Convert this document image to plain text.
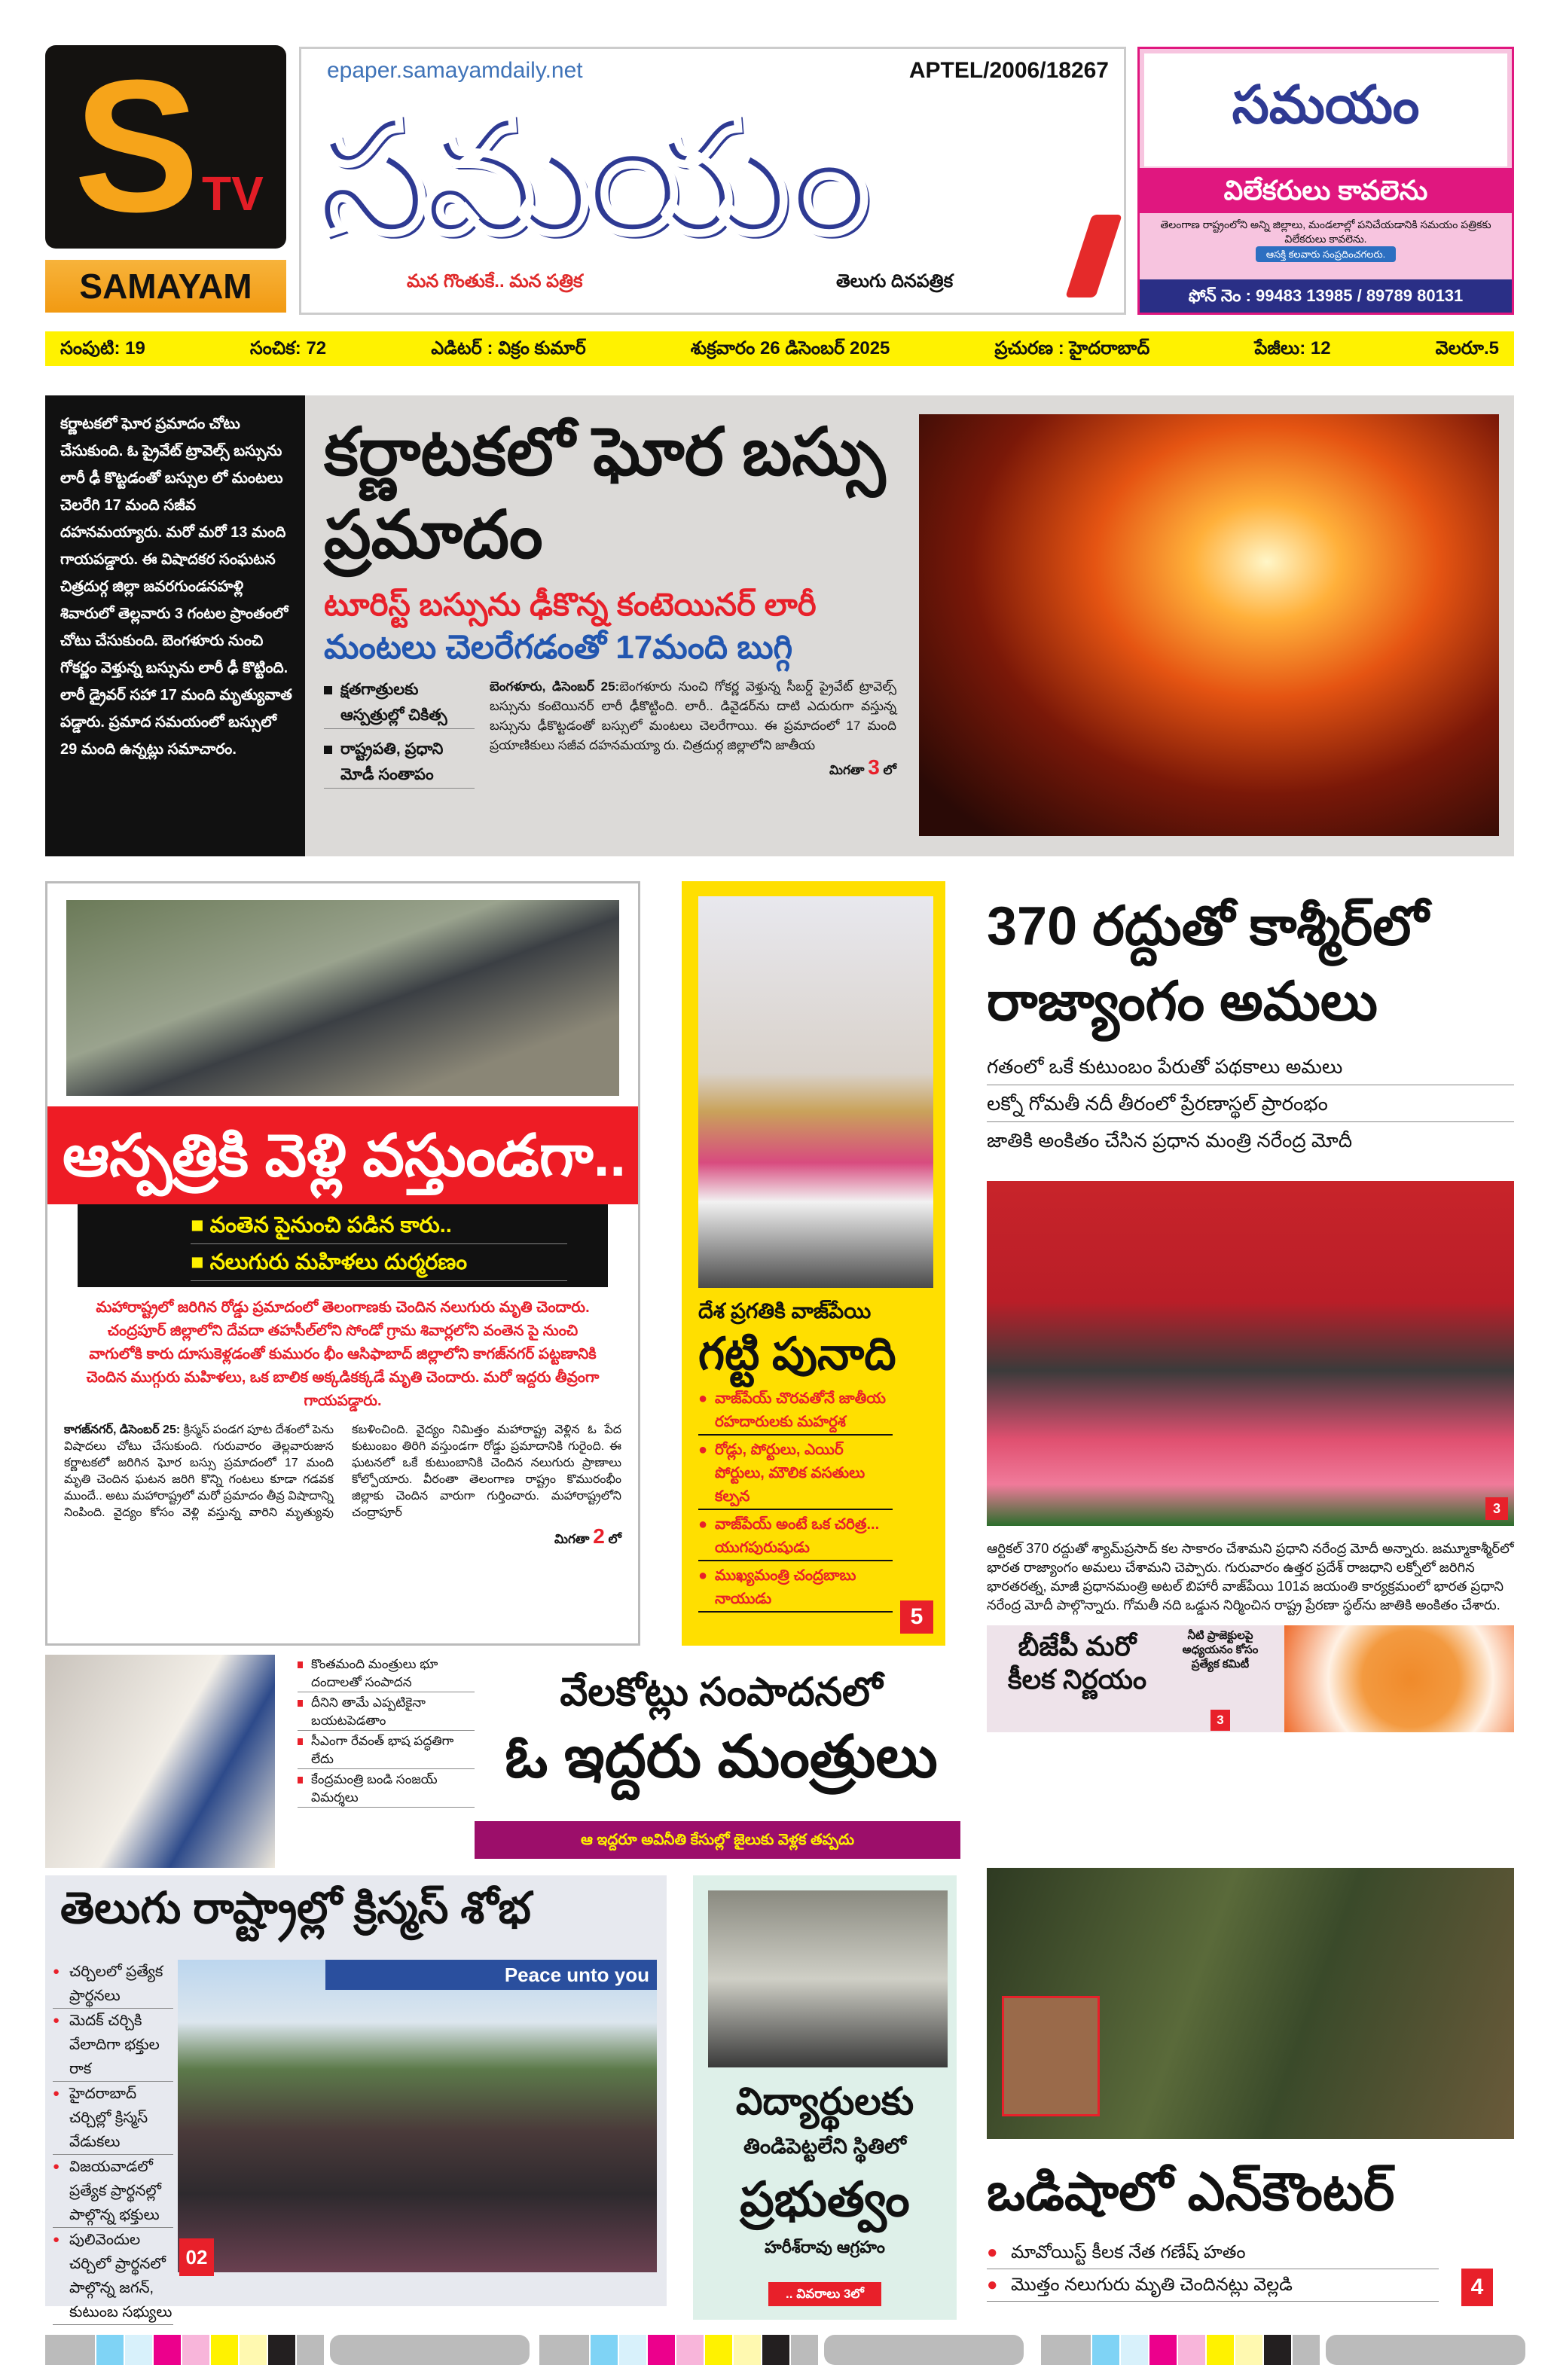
S TV
SAMAYAM
epaper.samayamdaily.net	APTEL/2006/18267
సమయం
మన గొంతుకే.. మన పత్రిక	తెలుగు దినపత్రిక
సమయం
విలేకరులు కావలెను
తెలంగాణ రాష్ట్రంలోని అన్ని జిల్లాలు, మండలాల్లో పనిచేయడానికి సమయం పత్రికకు విలేకరులు కావలెను.
ఆసక్తి కలవారు సంప్రదించగలరు.
ఫోన్ నెం : 99483 13985 / 89789 80131
సంపుటి: 19	సంచిక: 72	ఎడిటర్ : విక్రం కుమార్	శుక్రవారం 26 డిసెంబర్ 2025	ప్రచురణ : హైదరాబాద్	పేజీలు: 12	వెలరూ.5
కర్ణాటకలో ఘోర ప్రమాదం చోటు చేసుకుంది. ఓ ప్రైవేట్ ట్రావెల్స్ బస్సును లారీ ఢీ కొట్టడంతో బస్సుల లో మంటలు చెలరేగి 17 మంది సజీవ దహనమయ్యారు. మరో మరో 13 మంది గాయపడ్డారు. ఈ విషాదకర సంఘటన చిత్రదుర్గ జిల్లా జవరగుండనహళ్లి శివారులో తెల్లవారు 3 గంటల ప్రాంతంలో చోటు చేసుకుంది. బెంగళూరు నుంచి గోకర్ణం వెళ్తున్న బస్సును లారీ ఢీ కొట్టింది. లారీ డ్రైవర్ సహా 17 మంది మృత్యువాత పడ్డారు. ప్రమాద సమయంలో బస్సులో 29 మంది ఉన్నట్లు సమాచారం.
కర్ణాటకలో ఘోర బస్సు ప్రమాదం
టూరిస్ట్ బస్సును ఢీకొన్న కంటెయినర్ లారీ
మంటలు చెలరేగడంతో 17మంది బుగ్గి
క్షతగాత్రులకు ఆస్పత్రుల్లో చికిత్స
రాష్ట్రపతి, ప్రధాని మోడీ సంతాపం
బెంగళూరు, డిసెంబర్ 25:బెంగళూరు నుంచి గోకర్ణ వెళ్తున్న సీబర్డ్ ప్రైవేట్ ట్రావెల్స్ బస్సును కంటెయినర్ లారీ ఢీకొట్టింది. లారీ.. డివైడర్‌ను దాటి ఎదురుగా వస్తున్న బస్సును ఢీకొట్టడంతో బస్సులో మంటలు చెలరేగాయి. ఈ ప్రమాదంలో 17 మంది ప్రయాణికులు సజీవ దహనమయ్యా రు. చిత్రదుర్గ జిల్లాలోని జాతీయ
మిగతా 3 లో
ఆస్పత్రికి వెళ్లి వస్తుండగా..
■ వంతెన పైనుంచి పడిన కారు..
■ నలుగురు మహిళలు దుర్మరణం
మహారాష్ట్రలో జరిగిన రోడ్డు ప్రమాదంలో తెలంగాణకు చెందిన నలుగురు మృతి చెందారు. చంద్రపూర్ జిల్లాలోని దేవదా తహసీల్‌లోని సోండో గ్రామ శివార్లలోని వంతెన పై నుంచి వాగులోకి కారు దూసుకెళ్లడంతో కుమురం భీం ఆసిఫాబాద్ జిల్లాలోని కాగజ్‌నగర్ పట్టణానికి చెందిన ముగ్గురు మహిళలు, ఒక బాలిక అక్కడికక్కడే మృతి చెందారు. మరో ఇద్దరు తీవ్రంగా గాయపడ్డారు.
కాగజ్‌నగర్, డిసెంబర్ 25: క్రిస్మస్ పండగ పూట దేశంలో పెను విషాదలు చోటు చేసుకుంది. గురువారం తెల్లవారుజున కర్ణాటకలో జరిగిన ఘోర బస్సు ప్రమాదంలో 17 మంది మృతి చెందిన ఘటన జరిగి కొన్ని గంటలు కూడా గడవక ముందే.. అటు మహారాష్ట్రలో మరో ప్రమాదం తీవ్ర విషాదాన్ని నింపింది. వైద్యం కోసం వెళ్లి వస్తున్న వారిని మృత్యువు కబళించింది. వైద్యం నిమిత్తం మహారాష్ట్ర వెళ్లిన ఓ పేద కుటుంబం తిరిగి వస్తుండగా రోడ్డు ప్రమాదానికి గురైంది. ఈ ఘటనలో ఒకే కుటుంబానికి చెందిన నలుగురు ప్రాణాలు కోల్పోయారు. వీరంతా తెలంగాణ రాష్ట్రం కొమురంభీం జిల్లాకు చెందిన వారుగా గుర్తించారు. మహారాష్ట్రలోని చంద్రాపూర్
మిగతా 2 లో
దేశ ప్రగతికి వాజ్‌పేయి
గట్టి పునాది
● వాజ్‌పేయ్ చొరవతోనే జాతీయ రహదారులకు మహర్దశ
● రోడ్లు, పోర్టులు, ఎయిర్ పోర్టులు, మౌలిక వసతులు కల్పన
● వాజ్‌పేయ్ అంటే ఒక చరిత్ర... యుగపురుషుడు
● ముఖ్యమంత్రి చంద్రబాబు నాయుడు
5
370 రద్దుతో కాశ్మీర్‌లో రాజ్యాంగం అమలు
గతంలో ఒకే కుటుంబం పేరుతో పథకాలు అమలు
లక్నో గోమతీ నదీ తీరంలో ప్రేరణాస్థల్ ప్రారంభం
జాతికి అంకితం చేసిన ప్రధాన మంత్రి నరేంద్ర మోదీ
3
ఆర్టికల్ 370 రద్దుతో శ్యామ్‌ప్రసాద్ కల సాకారం చేశామని ప్రధాని నరేంద్ర మోదీ అన్నారు. జమ్మూకాశ్మీర్‌లో భారత రాజ్యాంగం అమలు చేశామని చెప్పారు. గురువారం ఉత్తర ప్రదేశ్ రాజధాని లక్నోలో జరిగిన భారతరత్న, మాజీ ప్రధానమంత్రి అటల్ బిహారీ వాజ్‌పేయి 101వ జయంతి కార్యక్రమంలో భారత ప్రధాని నరేంద్ర మోదీ పాల్గొన్నారు. గోమతీ నది ఒడ్డున నిర్మించిన రాష్ట్ర ప్రేరణా స్థల్‌ను జాతికి అంకితం చేశారు.
బీజేపీ మరో కీలక నిర్ణయం
నీటి ప్రాజెక్టులపై అధ్యయనం కోసం ప్రత్యేక కమిటీ
3
కొంతమంది మంత్రులు భూ దందాలతో సంపాదన
దీనిని తామే ఎప్పటికైనా బయటపెడతాం
సీఎంగా రేవంత్ భాష పద్ధతిగా లేదు
కేంద్రమంత్రి బండి సంజయ్ విమర్శలు
వేలకోట్లు సంపాదనలో
ఓ ఇద్దరు మంత్రులు
ఆ ఇద్దరూ అవినీతి కేసుల్లో జైలుకు వెళ్లక తప్పదు
తెలుగు రాష్ట్రాల్లో క్రిస్మస్ శోభ
● చర్చిలలో ప్రత్యేక ప్రార్థనలు
● మెదక్ చర్చికి వేలాదిగా భక్తుల రాక
● హైదరాబాద్ చర్చిల్లో క్రిస్మస్ వేడుకలు
● విజయవాడలో ప్రత్యేక ప్రార్థనల్లో పాల్గొన్న భక్తులు
● పులివెందుల చర్చిలో ప్రార్థనలో పాల్గొన్న జగన్, కుటుంబ సభ్యులు
Peace unto you
02
విద్యార్థులకు
తిండిపెట్టలేని స్థితిలో
ప్రభుత్వం
హరీశ్‌రావు ఆగ్రహం
.. వివరాలు 3లో
ఒడిషాలో ఎన్‌కౌంటర్
● మావోయిస్ట్ కీలక నేత గణేష్ హతం
● మొత్తం నలుగురు మృతి చెందినట్లు వెల్లడి	4
